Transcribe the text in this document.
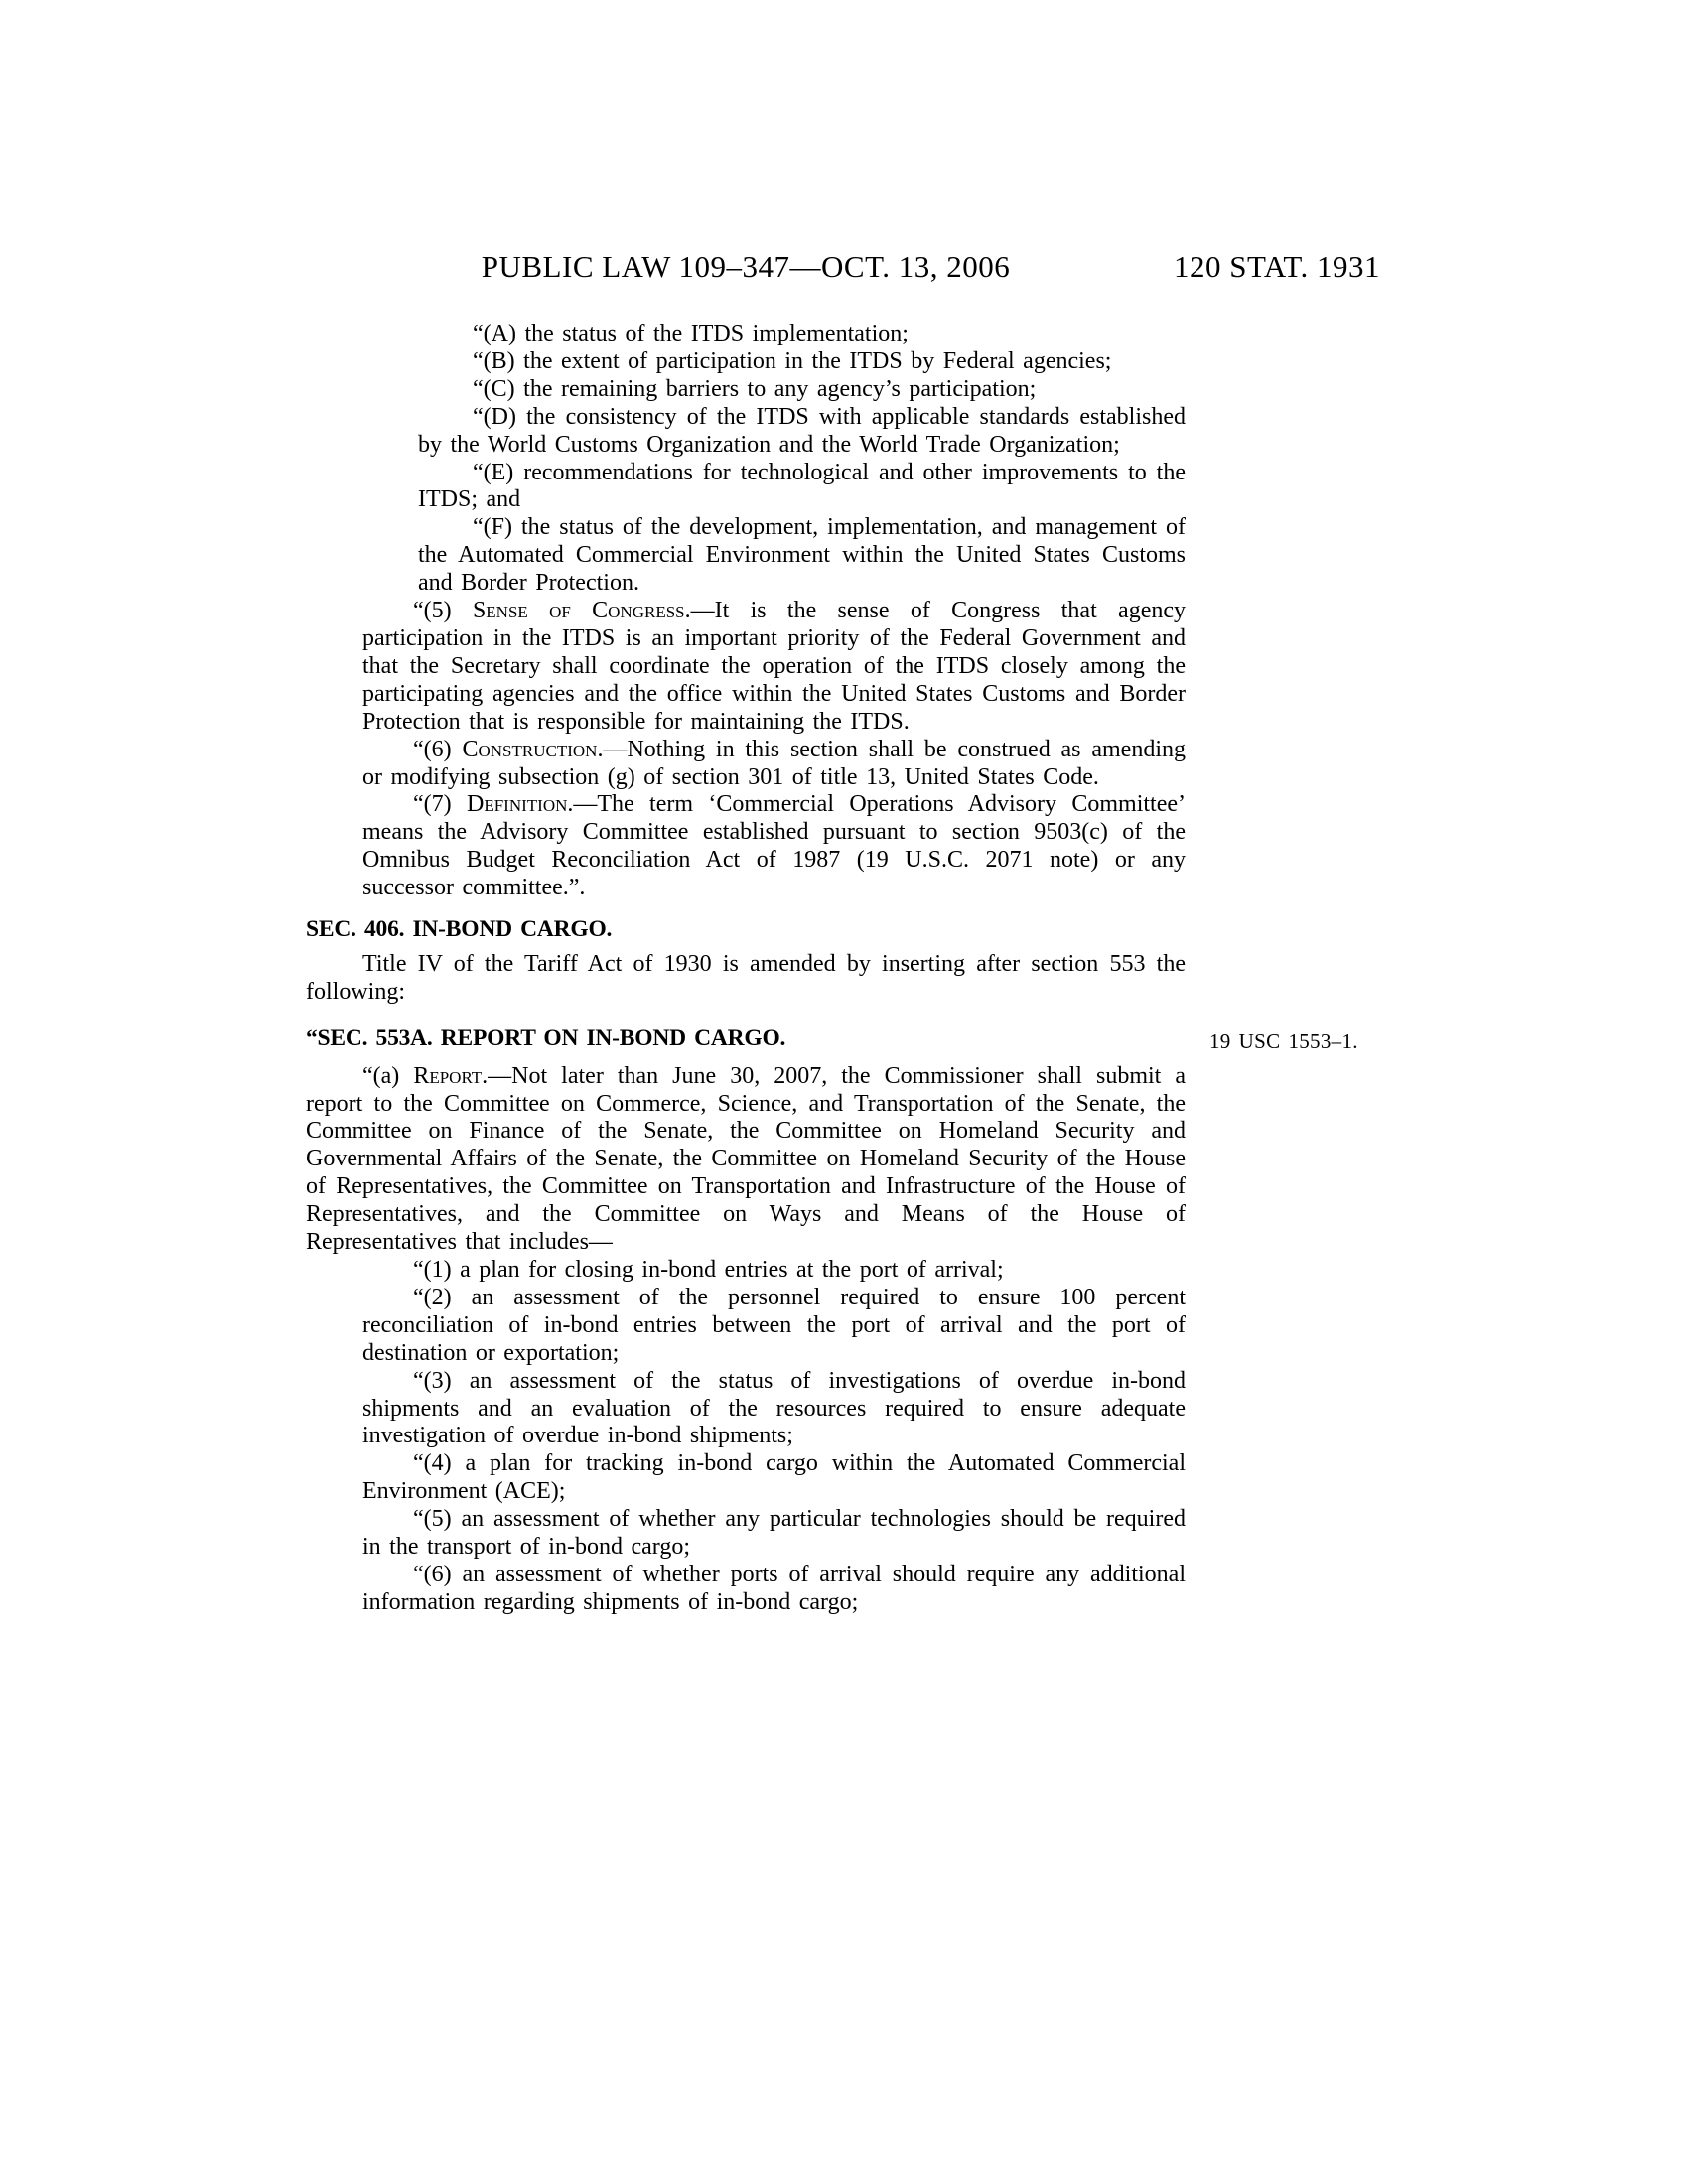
PUBLIC LAW 109–347—OCT. 13, 2006	120 STAT. 1931
“(A) the status of the ITDS implementation;
“(B) the extent of participation in the ITDS by Federal agencies;
“(C) the remaining barriers to any agency’s participation;
“(D) the consistency of the ITDS with applicable standards established by the World Customs Organization and the World Trade Organization;
“(E) recommendations for technological and other improvements to the ITDS; and
“(F) the status of the development, implementation, and management of the Automated Commercial Environment within the United States Customs and Border Protection.
“(5) Sense of Congress.—It is the sense of Congress that agency participation in the ITDS is an important priority of the Federal Government and that the Secretary shall coordinate the operation of the ITDS closely among the participating agencies and the office within the United States Customs and Border Protection that is responsible for maintaining the ITDS.
“(6) Construction.—Nothing in this section shall be construed as amending or modifying subsection (g) of section 301 of title 13, United States Code.
“(7) Definition.—The term ‘Commercial Operations Advisory Committee’ means the Advisory Committee established pursuant to section 9503(c) of the Omnibus Budget Reconciliation Act of 1987 (19 U.S.C. 2071 note) or any successor committee.”.
SEC. 406. IN-BOND CARGO.
Title IV of the Tariff Act of 1930 is amended by inserting after section 553 the following:
“SEC. 553A. REPORT ON IN-BOND CARGO.	19 USC 1553–1.
“(a) Report.—Not later than June 30, 2007, the Commissioner shall submit a report to the Committee on Commerce, Science, and Transportation of the Senate, the Committee on Finance of the Senate, the Committee on Homeland Security and Governmental Affairs of the Senate, the Committee on Homeland Security of the House of Representatives, the Committee on Transportation and Infrastructure of the House of Representatives, and the Committee on Ways and Means of the House of Representatives that includes—
“(1) a plan for closing in-bond entries at the port of arrival;
“(2) an assessment of the personnel required to ensure 100 percent reconciliation of in-bond entries between the port of arrival and the port of destination or exportation;
“(3) an assessment of the status of investigations of overdue in-bond shipments and an evaluation of the resources required to ensure adequate investigation of overdue in-bond shipments;
“(4) a plan for tracking in-bond cargo within the Automated Commercial Environment (ACE);
“(5) an assessment of whether any particular technologies should be required in the transport of in-bond cargo;
“(6) an assessment of whether ports of arrival should require any additional information regarding shipments of in-bond cargo;
